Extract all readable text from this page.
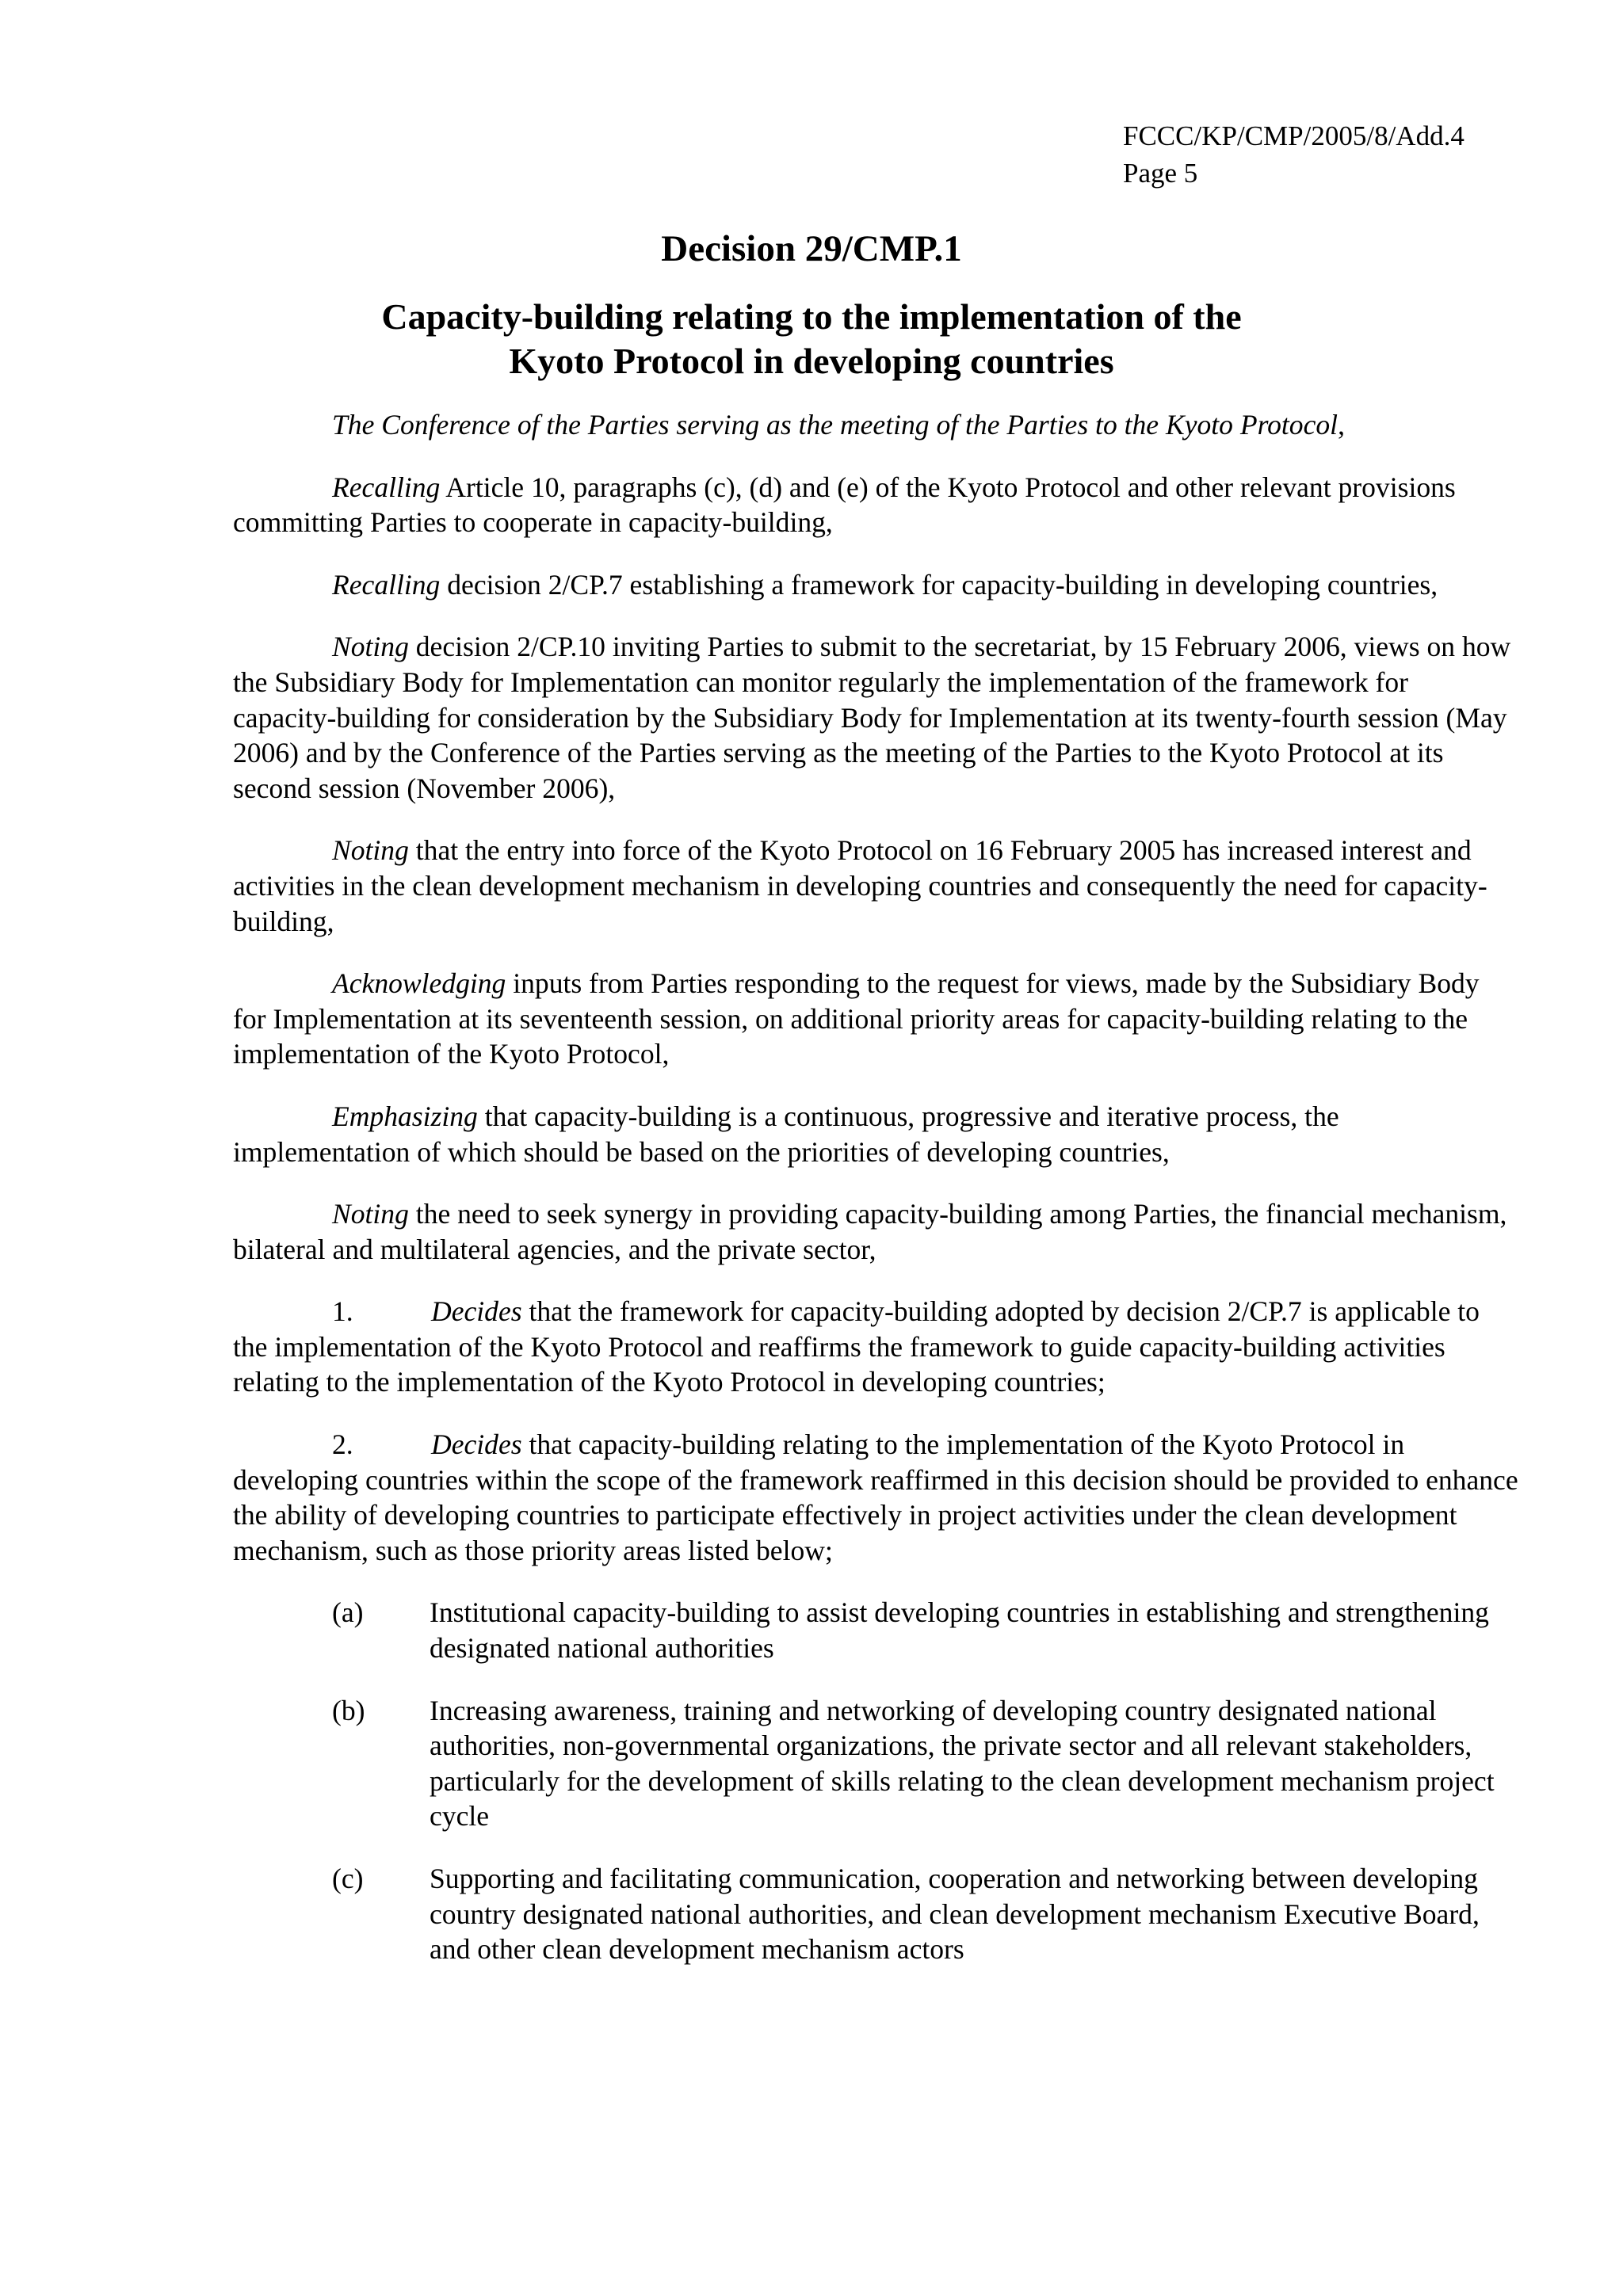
FCCC/KP/CMP/2005/8/Add.4
Page 5
Decision 29/CMP.1
Capacity-building relating to the implementation of the
Kyoto Protocol in developing countries

The Conference of the Parties serving as the meeting of the Parties to the Kyoto Protocol,

Recalling Article 10, paragraphs (c), (d) and (e) of the Kyoto Protocol and other relevant provisions committing Parties to cooperate in capacity-building,

Recalling decision 2/CP.7 establishing a framework for capacity-building in developing countries,

Noting decision 2/CP.10 inviting Parties to submit to the secretariat, by 15 February 2006, views on how the Subsidiary Body for Implementation can monitor regularly the implementation of the framework for capacity-building for consideration by the Subsidiary Body for Implementation at its twenty-fourth session (May 2006) and by the Conference of the Parties serving as the meeting of the Parties to the Kyoto Protocol at its second session (November 2006),

Noting that the entry into force of the Kyoto Protocol on 16 February 2005 has increased interest and activities in the clean development mechanism in developing countries and consequently the need for capacity-building,

Acknowledging inputs from Parties responding to the request for views, made by the Subsidiary Body for Implementation at its seventeenth session, on additional priority areas for capacity-building relating to the implementation of the Kyoto Protocol,

Emphasizing that capacity-building is a continuous, progressive and iterative process, the implementation of which should be based on the priorities of developing countries,

Noting the need to seek synergy in providing capacity-building among Parties, the financial mechanism, bilateral and multilateral agencies, and the private sector,

1.	Decides that the framework for capacity-building adopted by decision 2/CP.7 is applicable to the implementation of the Kyoto Protocol and reaffirms the framework to guide capacity-building activities relating to the implementation of the Kyoto Protocol in developing countries;

2.	Decides that capacity-building relating to the implementation of the Kyoto Protocol in developing countries within the scope of the framework reaffirmed in this decision should be provided to enhance the ability of developing countries to participate effectively in project activities under the clean development mechanism, such as those priority areas listed below;

(a) Institutional capacity-building to assist developing countries in establishing and strengthening designated national authorities
(b) Increasing awareness, training and networking of developing country designated national authorities, non-governmental organizations, the private sector and all relevant stakeholders, particularly for the development of skills relating to the clean development mechanism project cycle
(c) Supporting and facilitating communication, cooperation and networking between developing country designated national authorities, and clean development mechanism Executive Board, and other clean development mechanism actors
